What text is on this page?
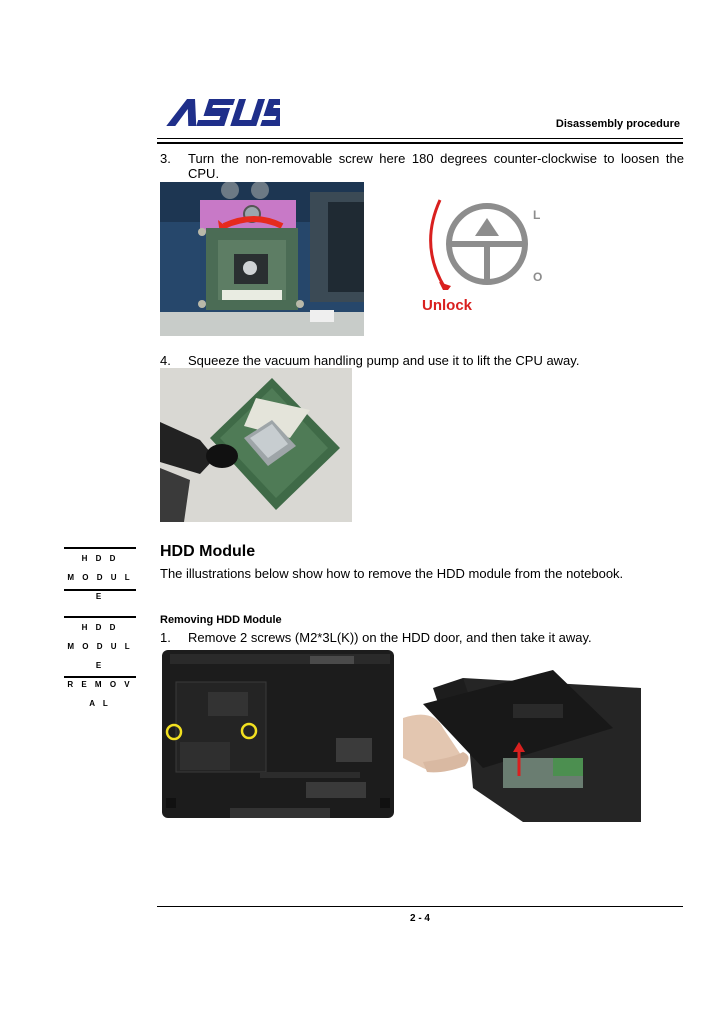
Disassembly procedure
3. Turn the non-removable screw here 180 degrees counter-clockwise to loosen the CPU.
L
O
Unlock
4. Squeeze the vacuum handling pump and use it to lift the CPU away.
H D D
M O D U L E
HDD Module
The illustrations below show how to remove the HDD module from the notebook.
H D D
M O D U L E
R E M O V A L
Removing HDD Module
1. Remove 2 screws (M2*3L(K)) on the HDD door, and then take it away.
2 - 4
